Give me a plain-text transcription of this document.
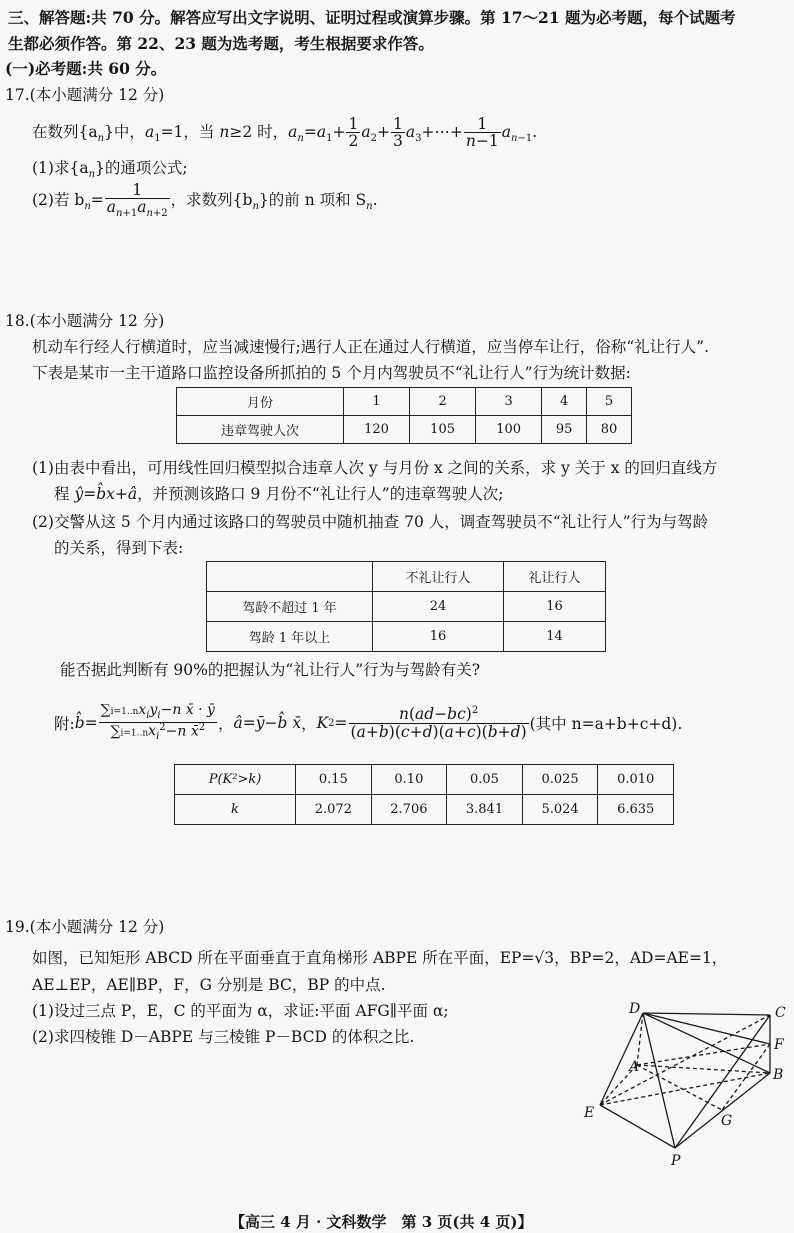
三、解答题:共 70 分。解答应写出文字说明、证明过程或演算步骤。第 17～21 题为必考题，每个试题考
生都必须作答。第 22、23 题为选考题，考生根据要求作答。
(一)必考题:共 60 分。
17.(本小题满分 12 分)
在数列$\{a_n\}$中，$a_1=1$，当 n≥2 时，$a_n=a_1+ \frac{1}{2} a_2+ \frac{1}{3}$ $a_3+\cdots+ \frac{1}{n-1} a_{n-1}$.
(1)求$\{a_n\}$的通项公式;
(2)若 $b_n= \frac{1}{a_{n+1}a_{n+2}}$ ，求数列$\{b_n\}$的前 n 项和 $S_n$.
18.(本小题满分 12 分)
机动车行经人行横道时，应当减速慢行;遇行人正在通过人行横道，应当停车让行，俗称“礼让行人”.
下表是某市一主干道路口监控设备所抓拍的 5 个月内驾驶员不“礼让行人”行为统计数据:
月份	1	2	3	4	5
违章驾驶人次	120	105	100	95	80
(1)由表中看出，可用线性回归模型拟合违章人次 y 与月份 x 之间的关系，求 y 关于 x 的回归直线方
程 ŷ=b̂x+â，并预测该路口 9 月份不“礼让行人”的违章驾驶人次;
(2)交警从这 5 个月内通过该路口的驾驶员中随机抽查 70 人，调查驾驶员不“礼让行人”行为与驾龄
的关系，得到下表:
	不礼让行人	礼让行人
驾龄不超过 1 年	24	16
驾龄 1 年以上	16	14
能否据此判断有 90%的把握认为“礼让行人”行为与驾龄有关?
附: b̂ = $\frac{\sum i=1..nx_iy_i-n x̄ \cdot ȳ}{\sum i=1..nx_i^2-n x̄^2}$ ， â = ȳ − b̂ x̄ ， K $2 = \frac{n(ad-bc)^2}{(a+b)(c+d)(a+c)(b+d)}$ (其中 n=a+b+c+d).
P(K²>k)	0.15	0.10	0.05	0.025	0.010
k	2.072	2.706	3.841	5.024	6.635
19.(本小题满分 12 分)
如图，已知矩形 ABCD 所在平面垂直于直角梯形 ABPE 所在平面，EP=√3，BP=2，AD=AE=1，
AE⊥EP，AE∥BP，F，G 分别是 BC，BP 的中点.
(1)设过三点 P，E，C 的平面为 α，求证:平面 AFG∥平面 α;
(2)求四棱锥 D－ABPE 与三棱锥 P－BCD 的体积之比.
D	C
F
A	B
E	G
P
【高三 4 月 · 文科数学　第 3 页(共 4 页)】
